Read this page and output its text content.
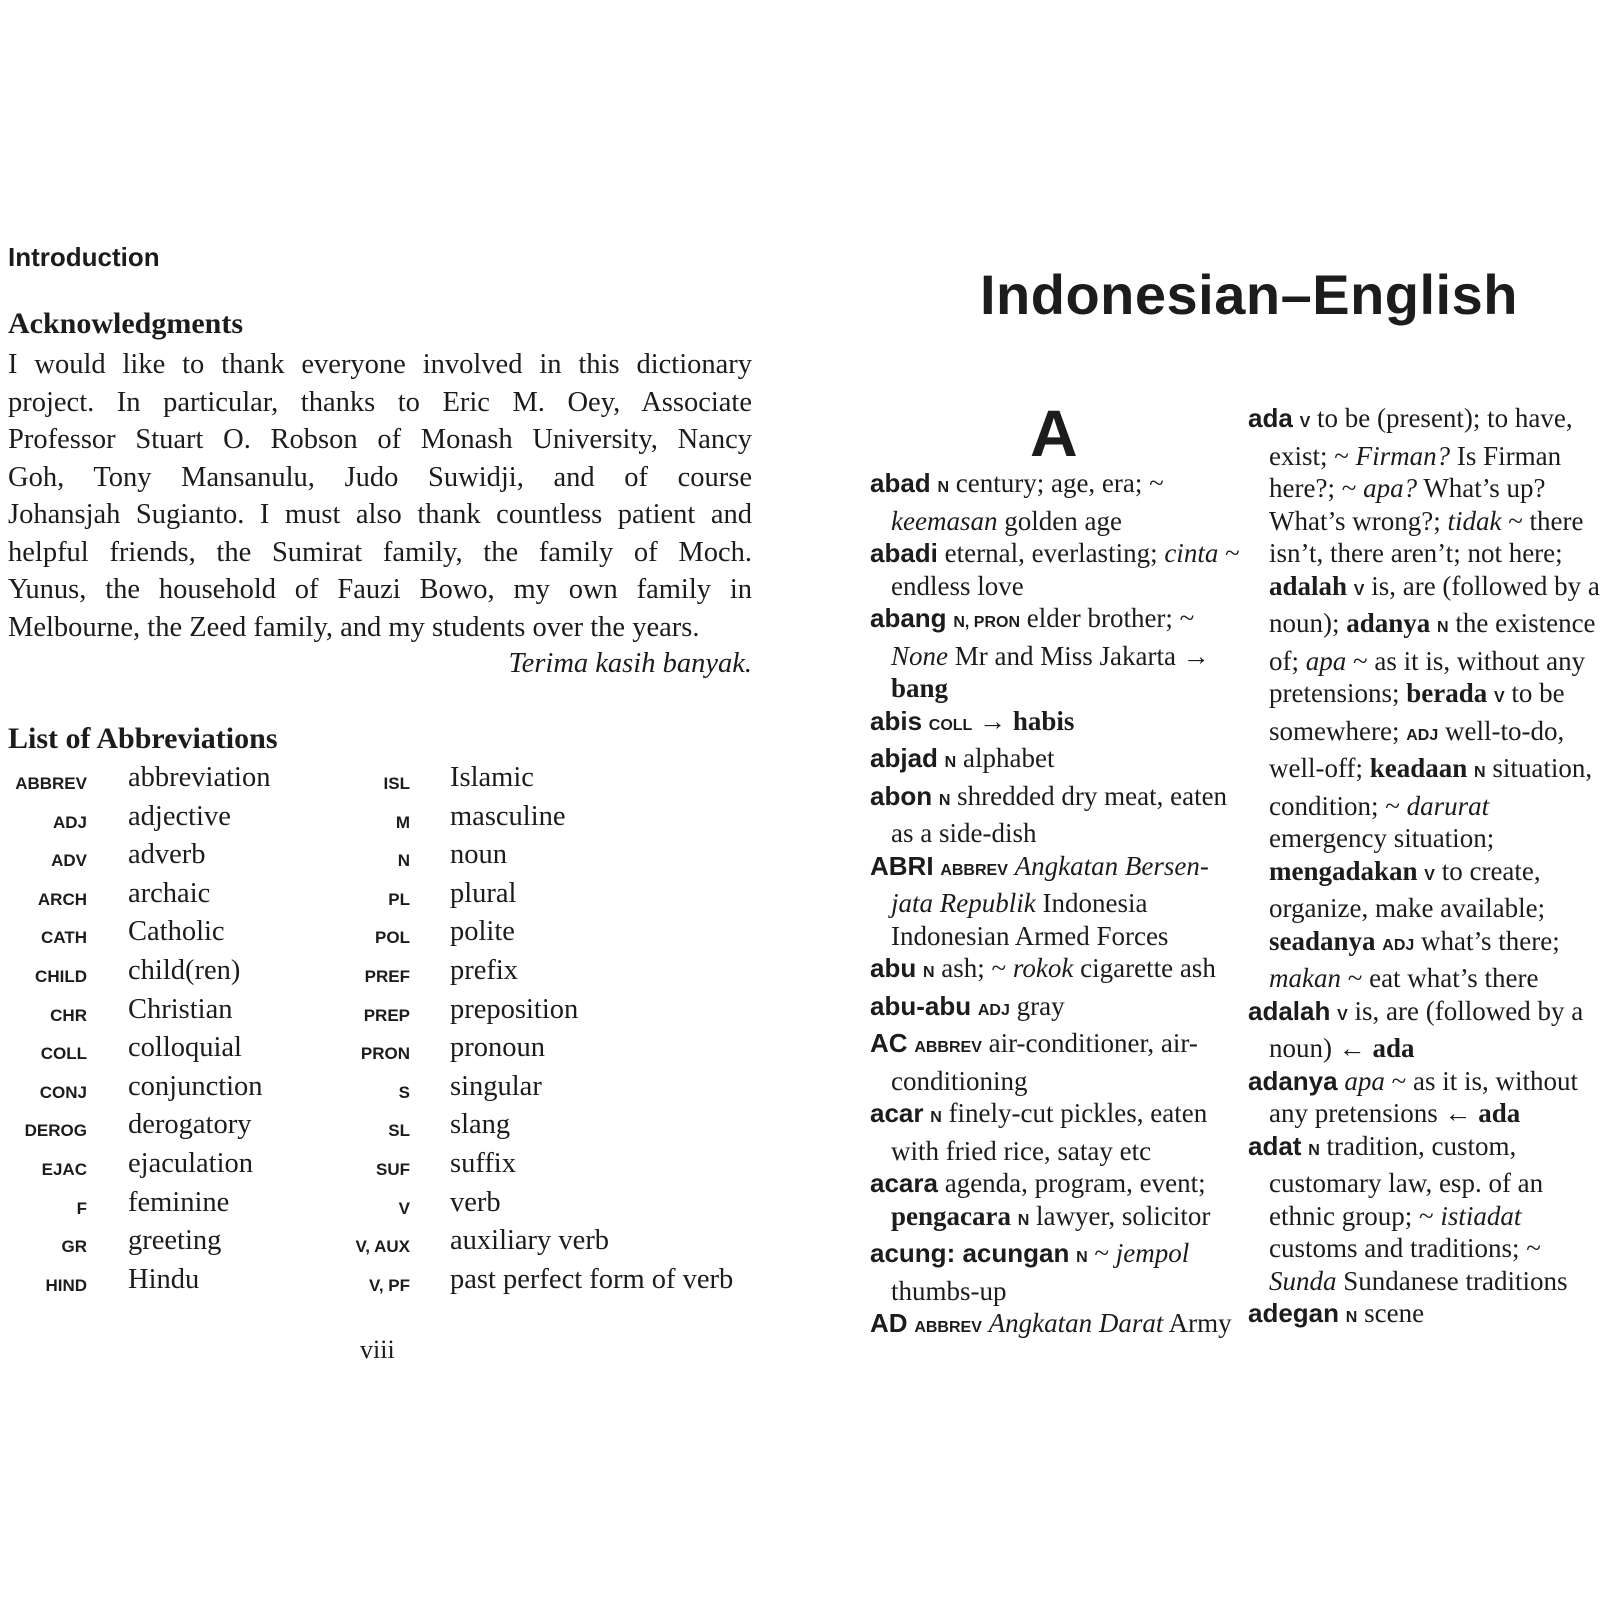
Introduction
Acknowledgments
I would like to thank everyone involved in this dictionary
project. In particular, thanks to Eric M. Oey, Associate
Professor Stuart O. Robson of Monash University, Nancy
Goh, Tony Mansanulu, Judo Suwidji, and of course
Johansjah Sugianto. I must also thank countless patient and
helpful friends, the Sumirat family, the family of Moch.
Yunus, the household of Fauzi Bowo, my own family in
Melbourne, the Zeed family, and my students over the years.
Terima kasih banyak.
List of Abbreviations
ABBREV abbreviation
ADJ adjective
ADV adverb
ARCH archaic
CATH Catholic
CHILD child(ren)
CHR Christian
COLL colloquial
CONJ conjunction
DEROG derogatory
EJAC ejaculation
F feminine
GR greeting
HIND Hindu
ISL Islamic
M masculine
N noun
PL plural
POL polite
PREF prefix
PREP preposition
PRON pronoun
S singular
SL slang
SUF suffix
V verb
V, AUX auxiliary verb
V, PF past perfect form of verb
viii
Indonesian–English
A
abad N century; age, era; ~ keemasan golden age
abadi eternal, everlasting; cinta ~ endless love
abang N, PRON elder brother; ~ None Mr and Miss Jakarta → bang
abis COLL → habis
abjad N alphabet
abon N shredded dry meat, eaten as a side-dish
ABRI ABBREV Angkatan Bersen-jata Republik Indonesia Indonesian Armed Forces
abu N ash; ~ rokok cigarette ash
abu-abu ADJ gray
AC ABBREV air-conditioner, air-conditioning
acar N finely-cut pickles, eaten with fried rice, satay etc
acara agenda, program, event; pengacara N lawyer, solicitor
acung: acungan N ~ jempol thumbs-up
AD ABBREV Angkatan Darat Army
ada V to be (present); to have, exist; ~ Firman? Is Firman here?; ~ apa? What’s up? What’s wrong?; tidak ~ there isn’t, there aren’t; not here; adalah V is, are (followed by a noun); adanya N the existence of; apa ~ as it is, without any pretensions; berada V to be somewhere; ADJ well-to-do, well-off; keadaan N situation, condition; ~ darurat emergency situation; mengadakan V to create, organize, make available; seadanya ADJ what’s there; makan ~ eat what’s there
adalah V is, are (followed by a noun) ← ada
adanya apa ~ as it is, without any pretensions ← ada
adat N tradition, custom, customary law, esp. of an ethnic group; ~ istiadat customs and traditions; ~ Sunda Sundanese traditions
adegan N scene
